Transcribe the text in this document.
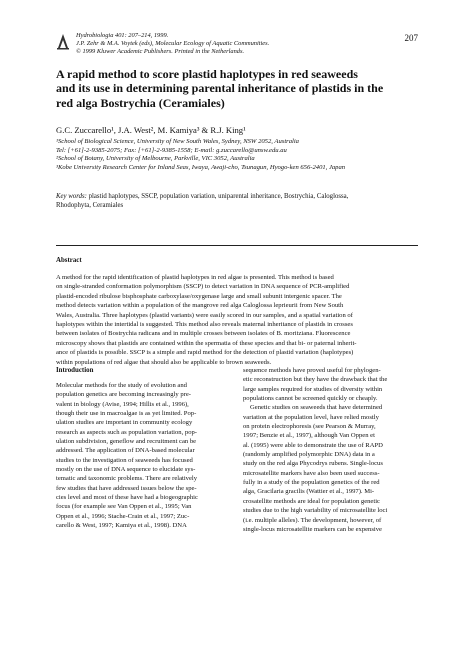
Hydrobiologia 401: 207–214, 1999.
J.P. Zehr & M.A. Voytek (eds), Molecular Ecology of Aquatic Communities.
© 1999 Kluwer Academic Publishers. Printed in the Netherlands.
207
A rapid method to score plastid haplotypes in red seaweeds
and its use in determining parental inheritance of plastids in the
red alga Bostrychia (Ceramiales)
G.C. Zuccarello¹, J.A. West², M. Kamiya³ & R.J. King¹
¹School of Biological Science, University of New South Wales, Sydney, NSW 2052, Australia
Tel: [+61]-2-9385-2075; Fax: [+61]-2-9385-1558; E-mail: g.zuccarello@unsw.edu.au
²School of Botany, University of Melbourne, Parkville, VIC 3052, Australia
³Kobe University Research Center for Inland Seas, Iwaya, Awaji-cho, Tsunagun, Hyogo-ken 656-2401, Japan
Key words: plastid haplotypes, SSCP, population variation, uniparental inheritance, Bostrychia, Caloglossa,
Rhodophyta, Ceramiales
Abstract
A method for the rapid identification of plastid haplotypes in red algae is presented. This method is based
on single-stranded conformation polymorphism (SSCP) to detect variation in DNA sequence of PCR-amplified
plastid-encoded ribulose bisphosphate carboxylase/oxygenase large and small subunit intergenic spacer. The
method detects variation within a population of the mangrove red alga Caloglossa leprieurii from New South
Wales, Australia. Three haplotypes (plastid variants) were easily scored in our samples, and a spatial variation of
haplotypes within the intertidal is suggested. This method also reveals maternal inheritance of plastids in crosses
between isolates of Bostrychia radicans and in multiple crosses between isolates of B. moritziana. Fluorescence
microscopy shows that plastids are contained within the spermatia of these species and that bi- or paternal inherit-
ance of plastids is possible. SSCP is a simple and rapid method for the detection of plastid variation (haplotypes)
within populations of red algae that should also be applicable to brown seaweeds.
Introduction
Molecular methods for the study of evolution and
population genetics are becoming increasingly pre-
valent in biology (Avise, 1994; Hillis et al., 1996),
though their use in macroalgae is as yet limited. Pop-
ulation studies are important in community ecology
research as aspects such as population variation, pop-
ulation subdivision, geneflow and recruitment can be
addressed. The application of DNA-based molecular
studies to the investigation of seaweeds has focused
mostly on the use of DNA sequence to elucidate sys-
tematic and taxonomic problems. There are relatively
few studies that have addressed issues below the spe-
cies level and most of these have had a biogeographic
focus (for example see Van Oppen et al., 1995; Van
Oppen et al., 1996; Stache-Crain et al., 1997; Zuc-
carello & West, 1997; Kamiya et al., 1998). DNA
sequence methods have proved useful for phylogen-
etic reconstruction but they have the drawback that the
large samples required for studies of diversity within
populations cannot be screened quickly or cheaply.
Genetic studies on seaweeds that have determined
variation at the population level, have relied mostly
on protein electrophoresis (see Pearson & Murray,
1997; Benzie et al., 1997), although Van Oppen et
al. (1995) were able to demonstrate the use of RAPD
(randomly amplified polymorphic DNA) data in a
study on the red alga Phycodrys rubens. Single-locus
microsatellite markers have also been used success-
fully in a study of the population genetics of the red
alga, Gracilaria gracilis (Wattier et al., 1997). Mi-
crosatellite methods are ideal for population genetic
studies due to the high variability of microsatellite loci
(i.e. multiple alleles). The development, however, of
single-locus microsatellite markers can be expensive
